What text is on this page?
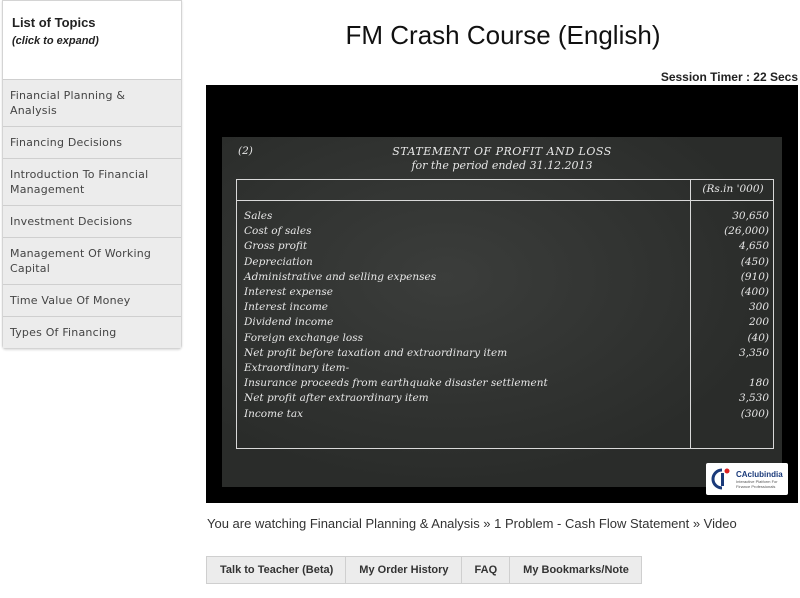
List of Topics
(click to expand)
Financial Planning & Analysis
Financing Decisions
Introduction To Financial Management
Investment Decisions
Management Of Working Capital
Time Value Of Money
Types Of Financing
FM Crash Course (English)
Session Timer : 22 Secs
(2)	STATEMENT OF PROFIT AND LOSS
for the period ended 31.12.2013
(Rs.in '000)
Sales	30,650
Cost of sales	(26,000)
Gross profit	4,650
Depreciation	(450)
Administrative and selling expenses	(910)
Interest expense	(400)
Interest income	300
Dividend income	200
Foreign exchange loss	(40)
Net profit before taxation and extraordinary item	3,350
Extraordinary item-
Insurance proceeds from earthquake disaster settlement	180
Net profit after extraordinary item	3,530
Income tax	(300)
CAclubindia
Interactive Platform For Finance Professionals
You are watching Financial Planning & Analysis » 1 Problem - Cash Flow Statement » Video
Talk to Teacher (Beta)	My Order History	FAQ	My Bookmarks/Note
